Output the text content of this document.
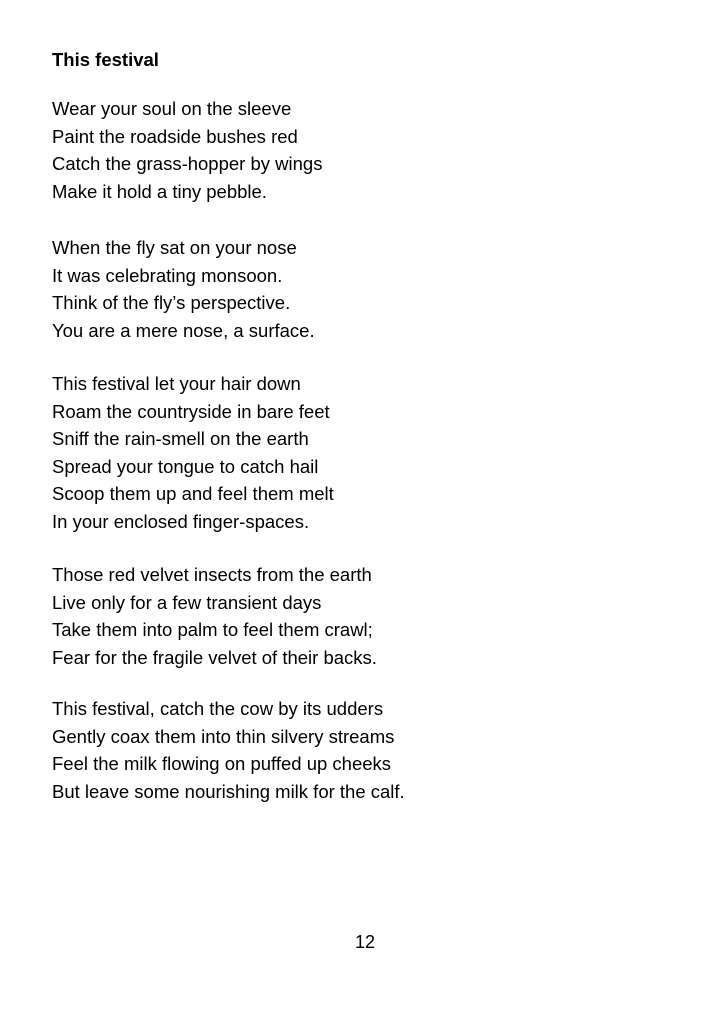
This festival
Wear your soul on the sleeve
Paint the roadside bushes red
Catch the grass-hopper by wings
Make it hold a tiny pebble.
When the fly sat on your nose
It was celebrating monsoon.
Think of the fly’s perspective.
You are a mere nose, a surface.
This festival let your hair down
Roam the countryside in bare feet
Sniff the rain-smell on the earth
Spread your tongue to catch hail
Scoop them up and feel them melt
In your enclosed finger-spaces.
Those red velvet insects from the earth
Live only for a few transient days
Take them into palm to feel them crawl;
Fear for the fragile velvet of their backs.
This festival, catch the cow by its udders
Gently coax them into thin silvery streams
Feel the milk flowing on puffed up cheeks
But leave some nourishing milk for the calf.
12
